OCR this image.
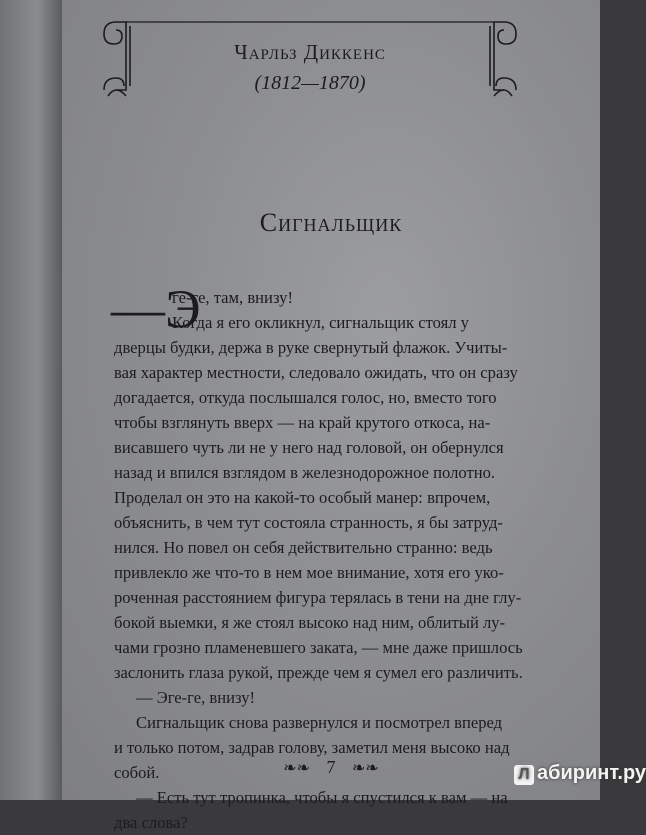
Чарльз Диккенс
(1812—1870)
Сигнальщик
—Э
ге-ге, там, внизу!
Когда я его окликнул, сигнальщик стоял у
дверцы будки, держа в руке свернутый флажок. Учиты-
вая характер местности, следовало ожидать, что он сразу
догадается, откуда послышался голос, но, вместо того
чтобы взглянуть вверх — на край крутого откоса, на-
висавшего чуть ли не у него над головой, он обернулся
назад и впился взглядом в железнодорожное полотно.
Проделал он это на какой-то особый манер: впрочем,
объяснить, в чем тут состояла странность, я бы затруд-
нился. Но повел он себя действительно странно: ведь
привлекло же что-то в нем мое внимание, хотя его уко-
роченная расстоянием фигура терялась в тени на дне глу-
бокой выемки, я же стоял высоко над ним, облитый лу-
чами грозно пламеневшего заката, — мне даже пришлось
заслонить глаза рукой, прежде чем я сумел его различить.
— Эге-ге, внизу!
Сигнальщик снова развернулся и посмотрел вперед
и только потом, задрав голову, заметил меня высоко над
собой.
— Есть тут тропинка, чтобы я спустился к вам — на
два слова?
❧❧ 7 ❧❧	Л абиринт.ру
